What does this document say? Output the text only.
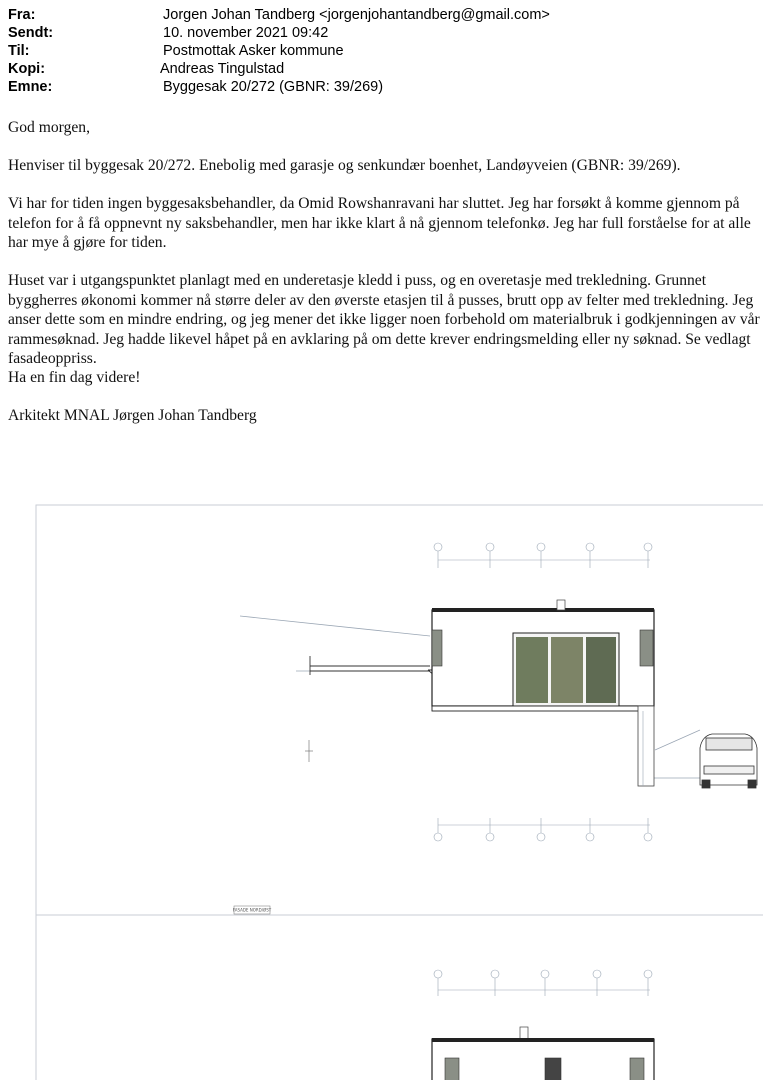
Fra:	Jorgen Johan Tandberg <jorgenjohantandberg@gmail.com>
Sendt:	10. november 2021 09:42
Til:	Postmottak Asker kommune
Kopi:	Andreas Tingulstad
Emne:	Byggesak 20/272 (GBNR: 39/269)

God morgen,

Henviser til byggesak 20/272. Enebolig med garasje og senkundær boenhet, Landøyveien (GBNR: 39/269).

Vi har for tiden ingen byggesaksbehandler, da Omid Rowshanravani har sluttet. Jeg har forsøkt å komme gjennom på telefon for å få oppnevnt ny saksbehandler, men har ikke klart å nå gjennom telefonkø. Jeg har full forståelse for at alle har mye å gjøre for tiden.

Huset var i utgangspunktet planlagt med en underetasje kledd i puss, og en overetasje med trekledning. Grunnet byggherres økonomi kommer nå større deler av den øverste etasjen til å pusses, brutt opp av felter med trekledning. Jeg anser dette som en mindre endring, og jeg mener det ikke ligger noen forbehold om materialbruk i godkjenningen av vår rammesøknad. Jeg hadde likevel håpet på en avklaring på om dette krever endringsmelding eller ny søknad. Se vedlagt fasadeoppriss.

Ha en fin dag videre!

Arkitekt MNAL Jørgen Johan Tandberg

FASADE NORD/ØST
